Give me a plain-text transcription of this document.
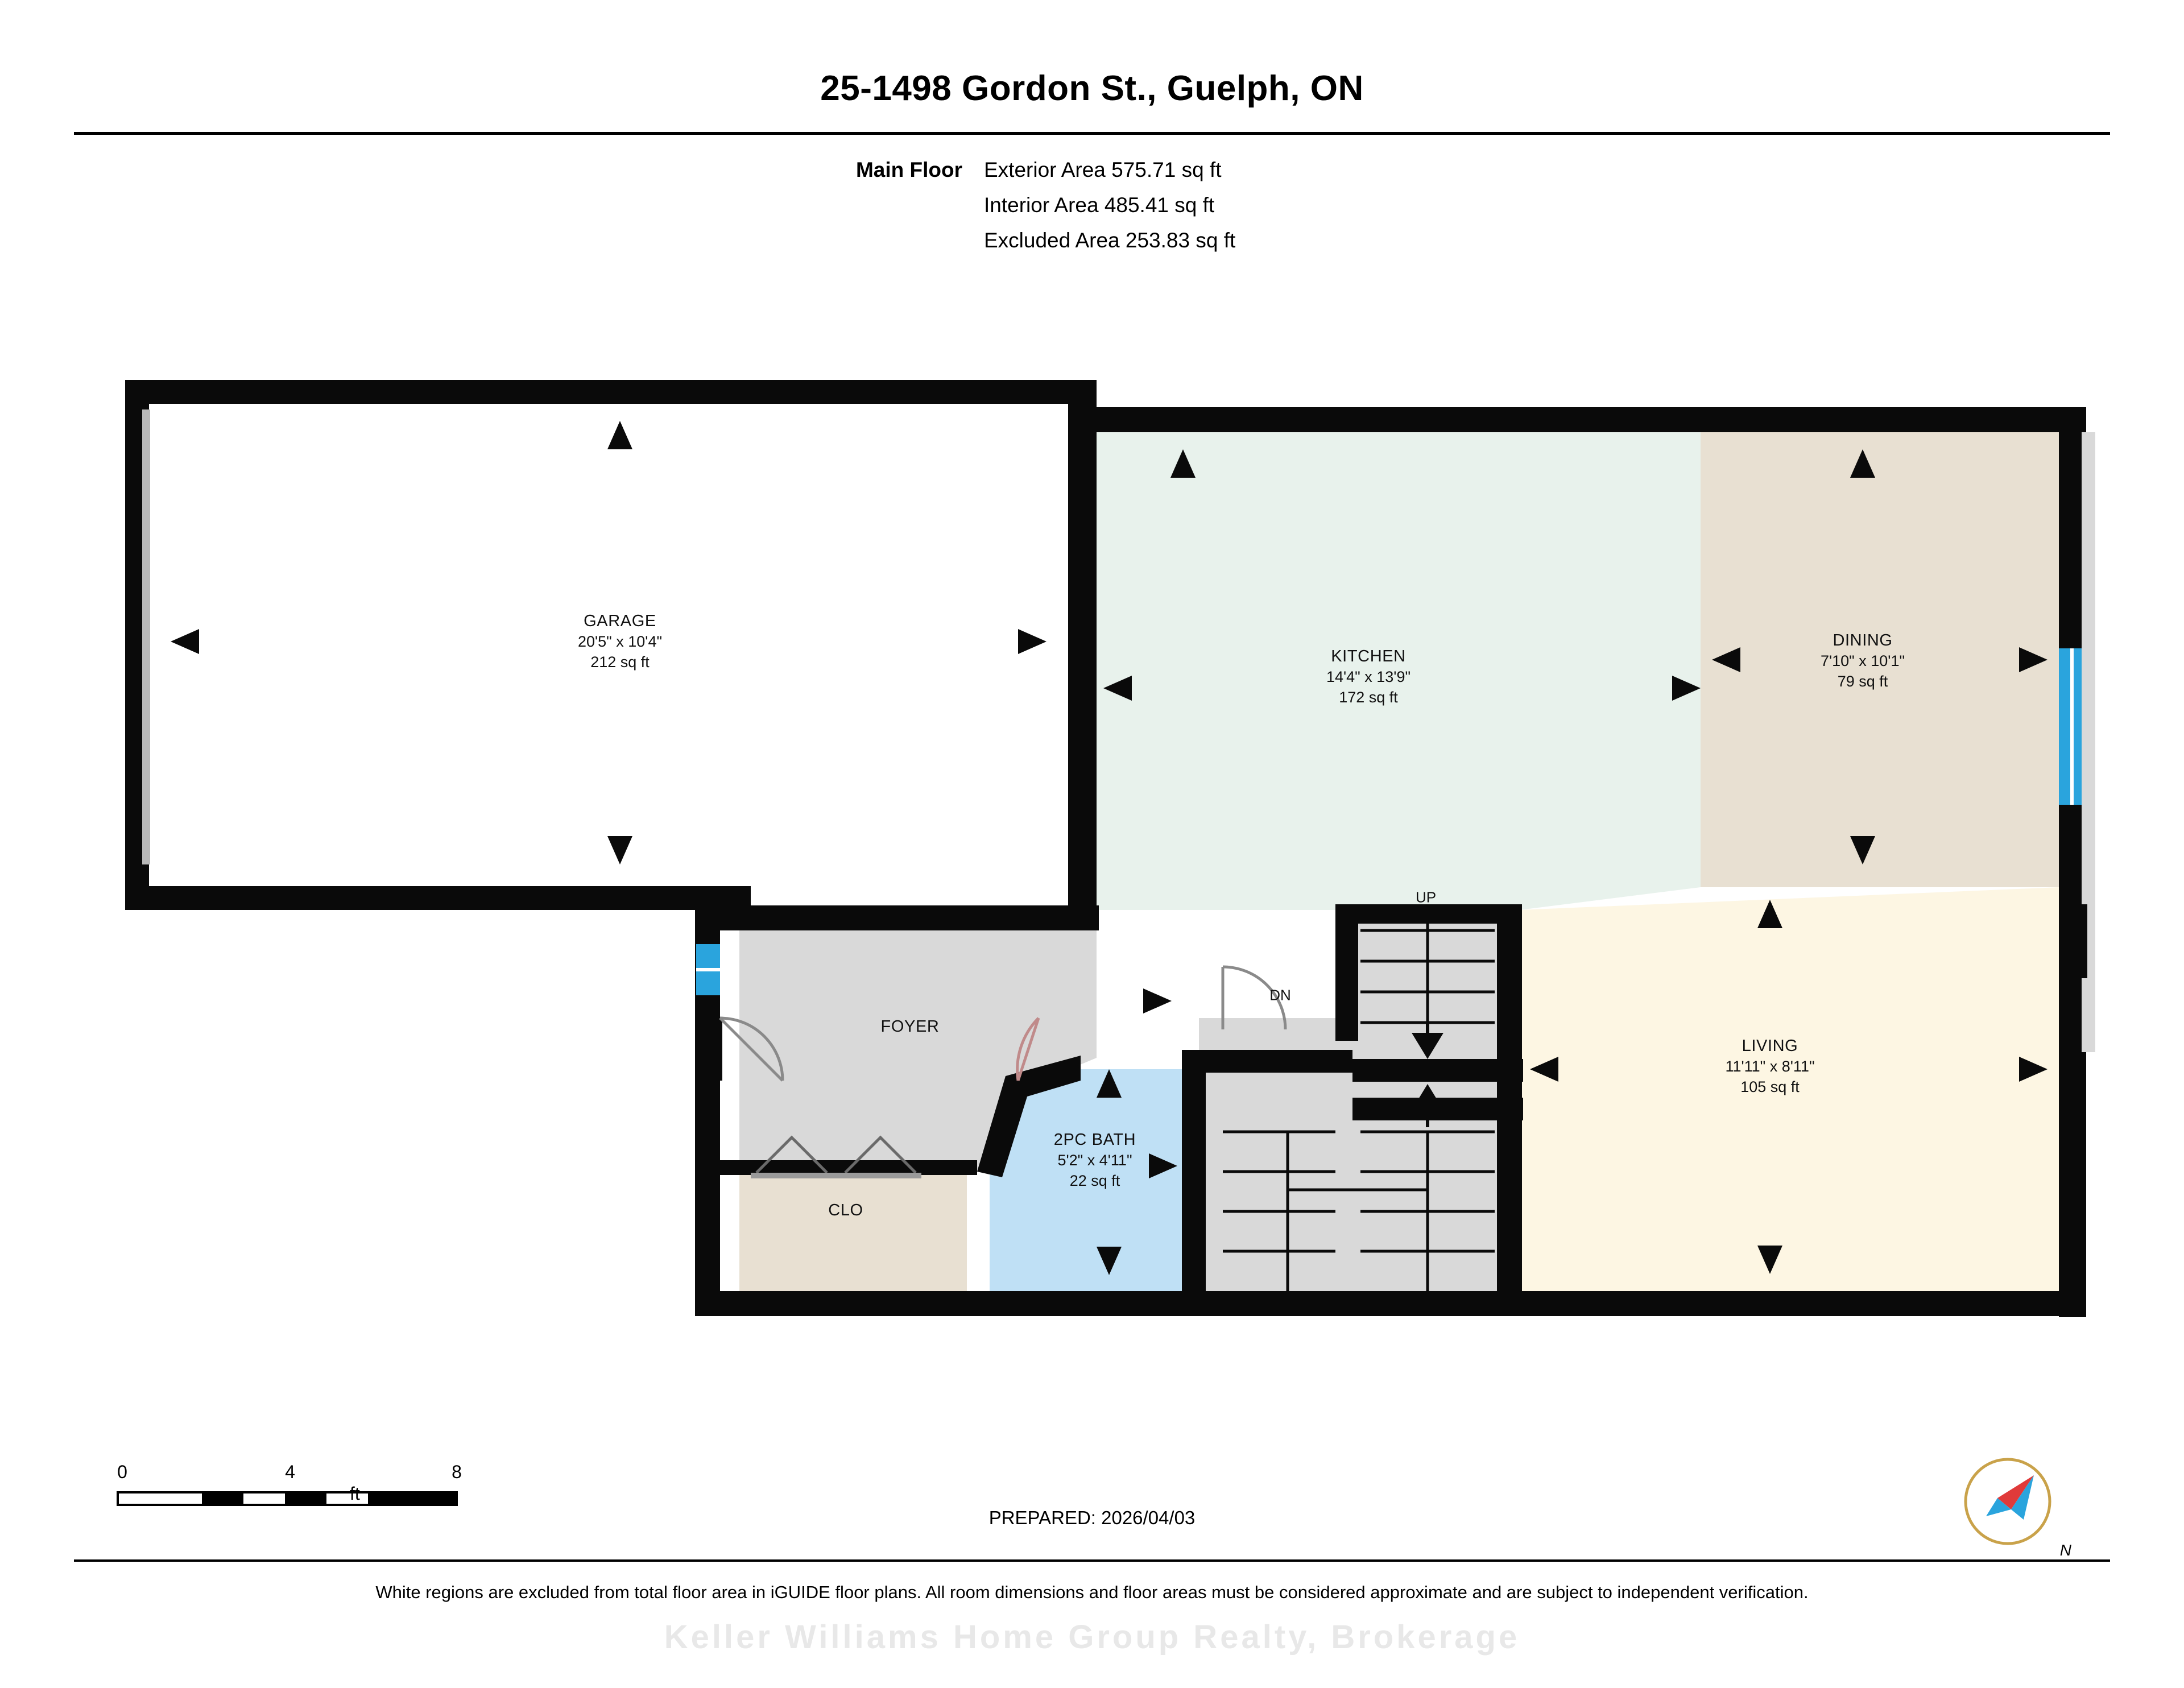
25-1498 Gordon St., Guelph, ON
Main Floor	Exterior Area 575.71 sq ft
Interior Area 485.41 sq ft
Excluded Area 253.83 sq ft
GARAGE
20'5" x 10'4"
212 sq ft	KITCHEN
14'4" x 13'9"
172 sq ft
DINING
7'10" x 10'1"
79 sq ft
LIVING
11'11" x 8'11"
105 sq ft
2PC BATH
5'2" x 4'11"
22 sq ft
FOYER
CLO
UP
DN
0	4	8
ft
PREPARED: 2026/04/03
N
White regions are excluded from total floor area in iGUIDE floor plans. All room dimensions and floor areas must be considered approximate and are subject to independent verification.
Keller Williams Home Group Realty, Brokerage
